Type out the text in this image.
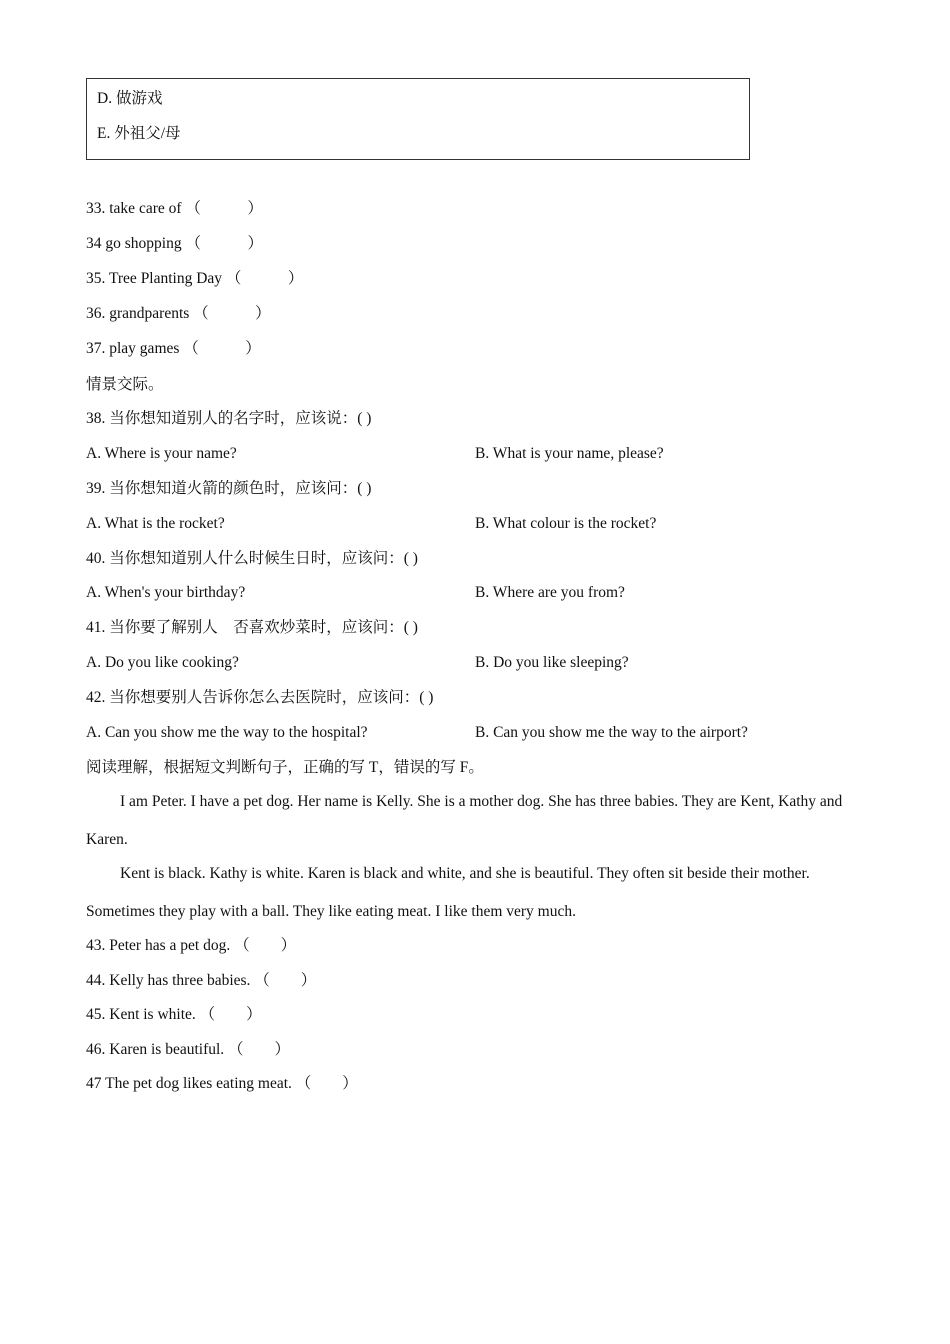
D. 做游戏
E. 外祖父/母
33. take care of （　　　）
34 go shopping （　　　）
35. Tree Planting Day （　　　）
36. grandparents （　　　）
37. play games （　　　）
情景交际。
38. 当你想知道别人的名字时，应该说：( )
A. Where is your name?	B. What is your name, please?
39. 当你想知道火箭的颜色时，应该问：( )
A. What is the rocket?	B. What colour is the rocket?
40. 当你想知道别人什么时候生日时，应该问：( )
A. When's your birthday?	B. Where are you from?
41. 当你要了解别人　否喜欢炒菜时，应该问：( )
A. Do you like cooking?	B. Do you like sleeping?
42. 当你想要别人告诉你怎么去医院时，应该问：( )
A. Can you show me the way to the hospital?	B. Can you show me the way to the airport?
阅读理解，根据短文判断句子，正确的写 T，错误的写 F。
I am Peter. I have a pet dog. Her name is Kelly. She is a mother dog. She has three babies. They are Kent, Kathy and Karen.
Kent is black. Kathy is white. Karen is black and white, and she is beautiful. They often sit beside their mother. Sometimes they play with a ball. They like eating meat. I like them very much.
43. Peter has a pet dog. （　　）
44. Kelly has three babies. （　　）
45. Kent is white. （　　）
46. Karen is beautiful. （　　）
47 The pet dog likes eating meat. （　　）
